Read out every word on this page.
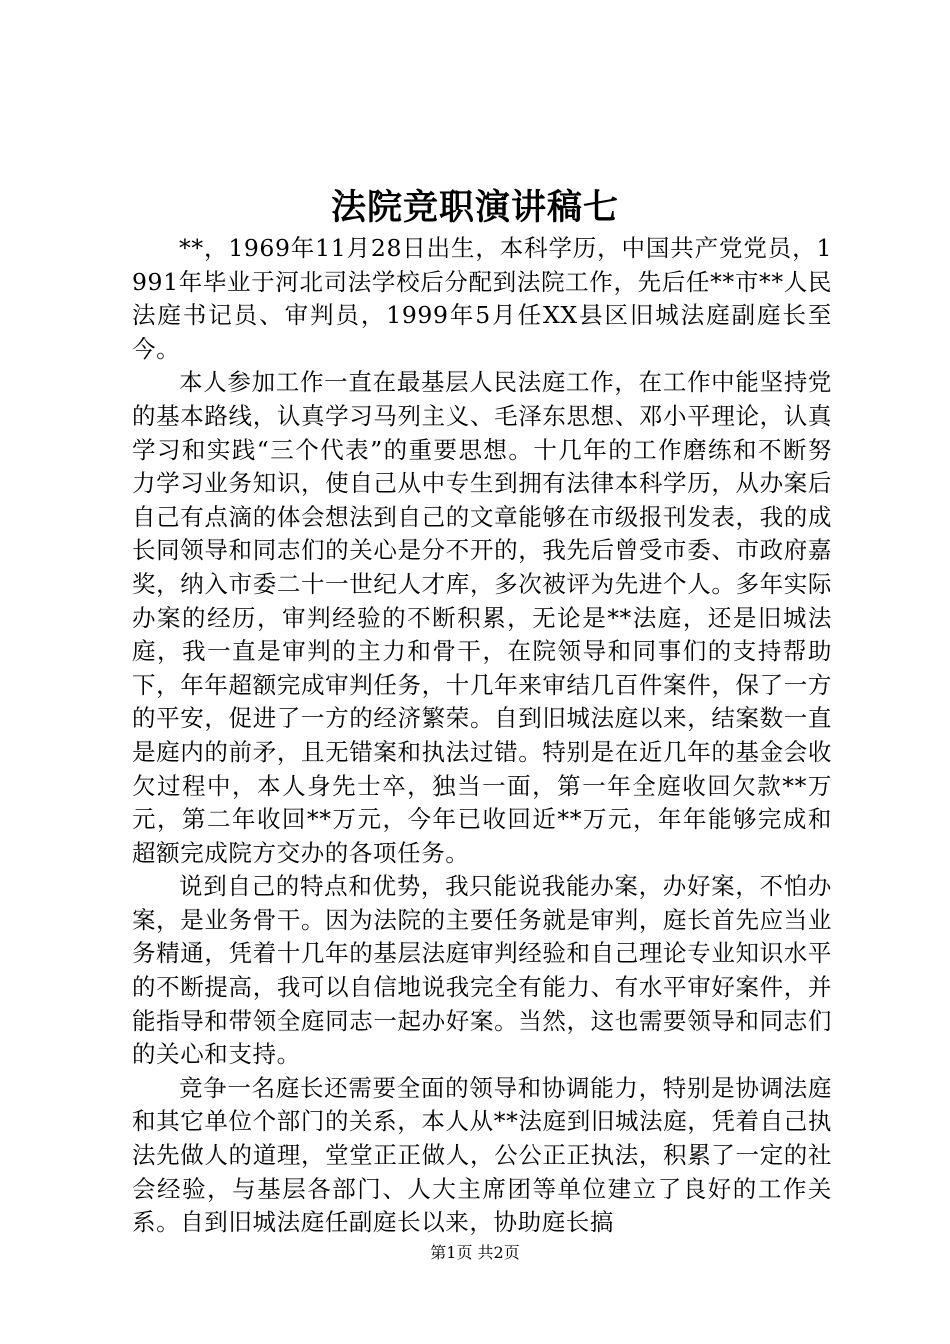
法院竞职演讲稿七

**，1969年11月28日出生，本科学历，中国共产党党员，1991年毕业于河北司法学校后分配到法院工作，先后任**市**人民法庭书记员、审判员，1999年5月任XX县区旧城法庭副庭长至今。

本人参加工作一直在最基层人民法庭工作，在工作中能坚持党的基本路线，认真学习马列主义、毛泽东思想、邓小平理论，认真学习和实践“三个代表”的重要思想。十几年的工作磨练和不断努力学习业务知识，使自己从中专生到拥有法律本科学历，从办案后自己有点滴的体会想法到自己的文章能够在市级报刊发表，我的成长同领导和同志们的关心是分不开的，我先后曾受市委、市政府嘉奖，纳入市委二十一世纪人才库，多次被评为先进个人。多年实际办案的经历，审判经验的不断积累，无论是**法庭，还是旧城法庭，我一直是审判的主力和骨干，在院领导和同事们的支持帮助下，年年超额完成审判任务，十几年来审结几百件案件，保了一方的平安，促进了一方的经济繁荣。自到旧城法庭以来，结案数一直是庭内的前矛，且无错案和执法过错。特别是在近几年的基金会收欠过程中，本人身先士卒，独当一面，第一年全庭收回欠款**万元，第二年收回**万元，今年已收回近**万元，年年能够完成和超额完成院方交办的各项任务。

说到自己的特点和优势，我只能说我能办案，办好案，不怕办案，是业务骨干。因为法院的主要任务就是审判，庭长首先应当业务精通，凭着十几年的基层法庭审判经验和自己理论专业知识水平的不断提高，我可以自信地说我完全有能力、有水平审好案件，并能指导和带领全庭同志一起办好案。当然，这也需要领导和同志们的关心和支持。

竞争一名庭长还需要全面的领导和协调能力，特别是协调法庭和其它单位个部门的关系，本人从**法庭到旧城法庭，凭着自己执法先做人的道理，堂堂正正做人，公公正正执法，积累了一定的社会经验，与基层各部门、人大主席团等单位建立了良好的工作关系。自到旧城法庭任副庭长以来，协助庭长搞

第1页 共2页
